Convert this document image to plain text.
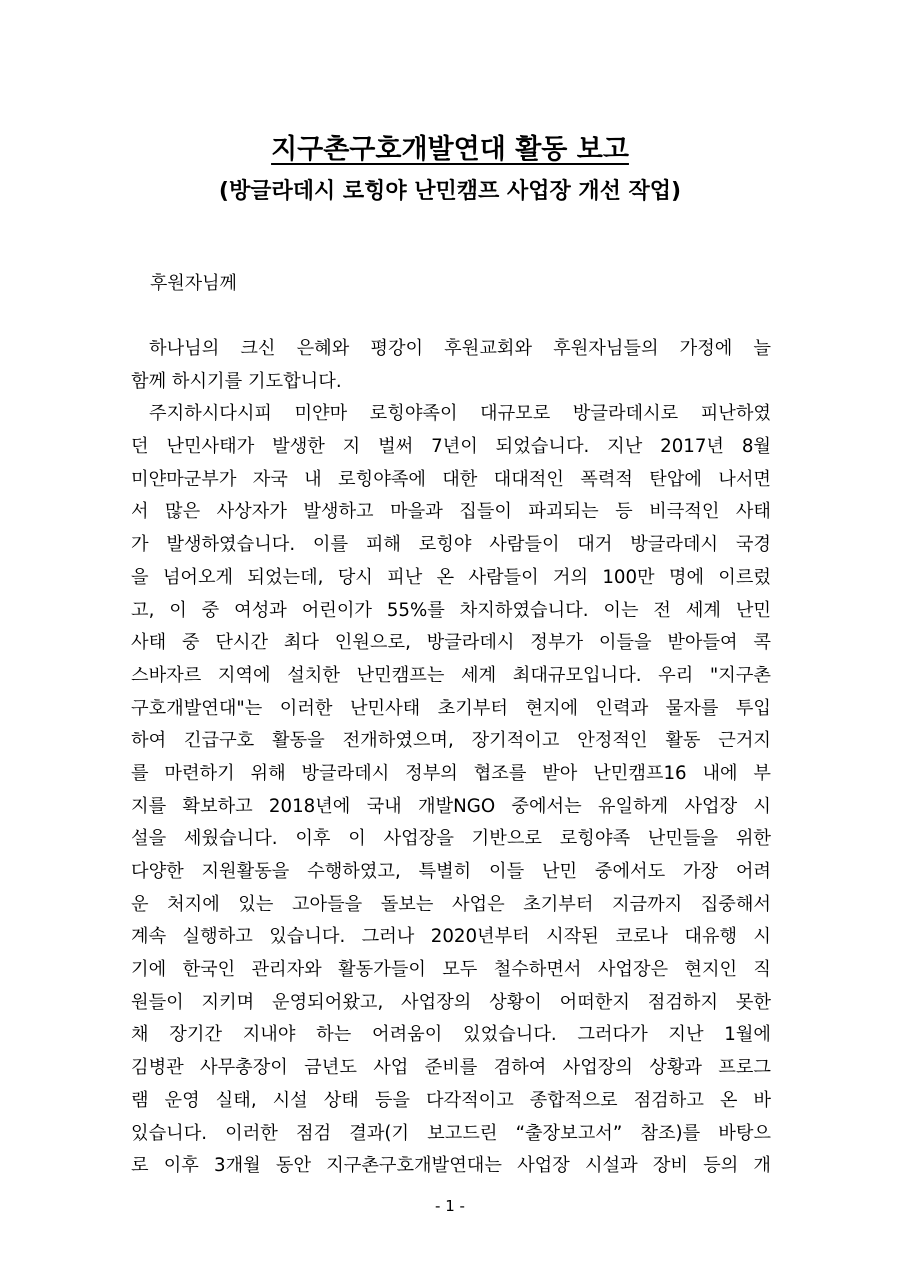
지구촌구호개발연대 활동 보고
(방글라데시 로힝야 난민캠프 사업장 개선 작업)
후원자님께
하나님의 크신 은혜와 평강이 후원교회와 후원자님들의 가정에 늘
함께 하시기를 기도합니다.
주지하시다시피 미얀마 로힝야족이 대규모로 방글라데시로 피난하였
던 난민사태가 발생한 지 벌써 7년이 되었습니다. 지난 2017년 8월
미얀마군부가 자국 내 로힝야족에 대한 대대적인 폭력적 탄압에 나서면
서 많은 사상자가 발생하고 마을과 집들이 파괴되는 등 비극적인 사태
가 발생하였습니다. 이를 피해 로힝야 사람들이 대거 방글라데시 국경
을 넘어오게 되었는데, 당시 피난 온 사람들이 거의 100만 명에 이르렀
고, 이 중 여성과 어린이가 55%를 차지하였습니다. 이는 전 세계 난민
사태 중 단시간 최다 인원으로, 방글라데시 정부가 이들을 받아들여 콕
스바자르 지역에 설치한 난민캠프는 세계 최대규모입니다. 우리 "지구촌
구호개발연대"는 이러한 난민사태 초기부터 현지에 인력과 물자를 투입
하여 긴급구호 활동을 전개하였으며, 장기적이고 안정적인 활동 근거지
를 마련하기 위해 방글라데시 정부의 협조를 받아 난민캠프16 내에 부
지를 확보하고 2018년에 국내 개발NGO 중에서는 유일하게 사업장 시
설을 세웠습니다. 이후 이 사업장을 기반으로 로힝야족 난민들을 위한
다양한 지원활동을 수행하였고, 특별히 이들 난민 중에서도 가장 어려
운 처지에 있는 고아들을 돌보는 사업은 초기부터 지금까지 집중해서
계속 실행하고 있습니다. 그러나 2020년부터 시작된 코로나 대유행 시
기에 한국인 관리자와 활동가들이 모두 철수하면서 사업장은 현지인 직
원들이 지키며 운영되어왔고, 사업장의 상황이 어떠한지 점검하지 못한
채 장기간 지내야 하는 어려움이 있었습니다. 그러다가 지난 1월에
김병관 사무총장이 금년도 사업 준비를 겸하여 사업장의 상황과 프로그
램 운영 실태, 시설 상태 등을 다각적이고 종합적으로 점검하고 온 바
있습니다. 이러한 점검 결과(기 보고드린 “출장보고서” 참조)를 바탕으
로 이후 3개월 동안 지구촌구호개발연대는 사업장 시설과 장비 등의 개
- 1 -
